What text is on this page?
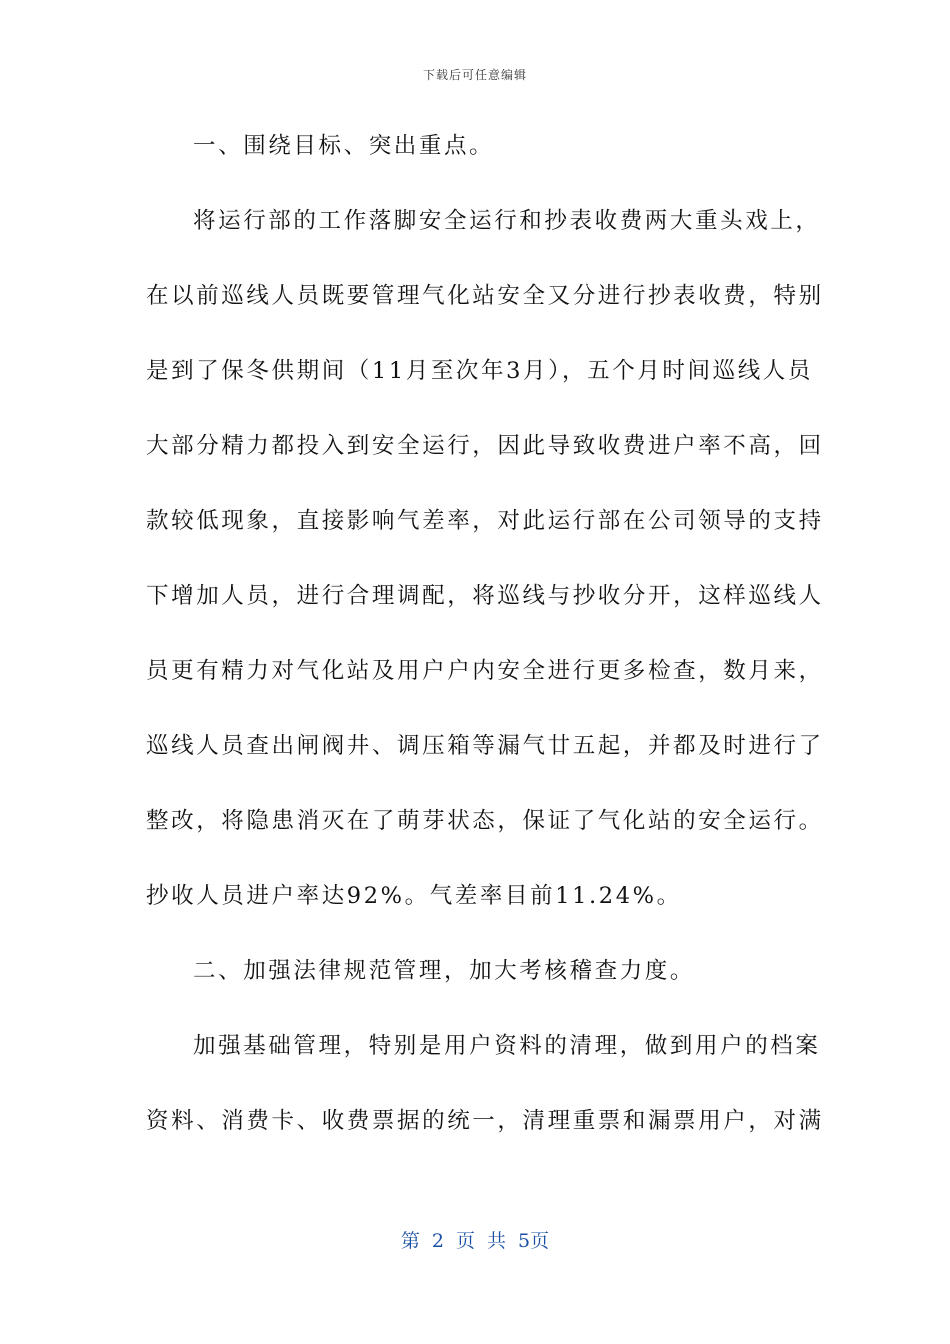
下载后可任意编辑
一、围绕目标、突出重点。
将运行部的工作落脚安全运行和抄表收费两大重头戏上，
在以前巡线人员既要管理气化站安全又分进行抄表收费，特别
是到了保冬供期间（11月至次年3月），五个月时间巡线人员
大部分精力都投入到安全运行，因此导致收费进户率不高，回
款较低现象，直接影响气差率，对此运行部在公司领导的支持
下增加人员，进行合理调配，将巡线与抄收分开，这样巡线人
员更有精力对气化站及用户户内安全进行更多检查，数月来，
巡线人员查出闸阀井、调压箱等漏气廿五起，并都及时进行了
整改，将隐患消灭在了萌芽状态，保证了气化站的安全运行。
抄收人员进户率达92%。气差率目前11.24%。
二、加强法律规范管理，加大考核稽查力度。
加强基础管理，特别是用户资料的清理，做到用户的档案
资料、消费卡、收费票据的统一，清理重票和漏票用户，对满
第 2 页 共 5页
